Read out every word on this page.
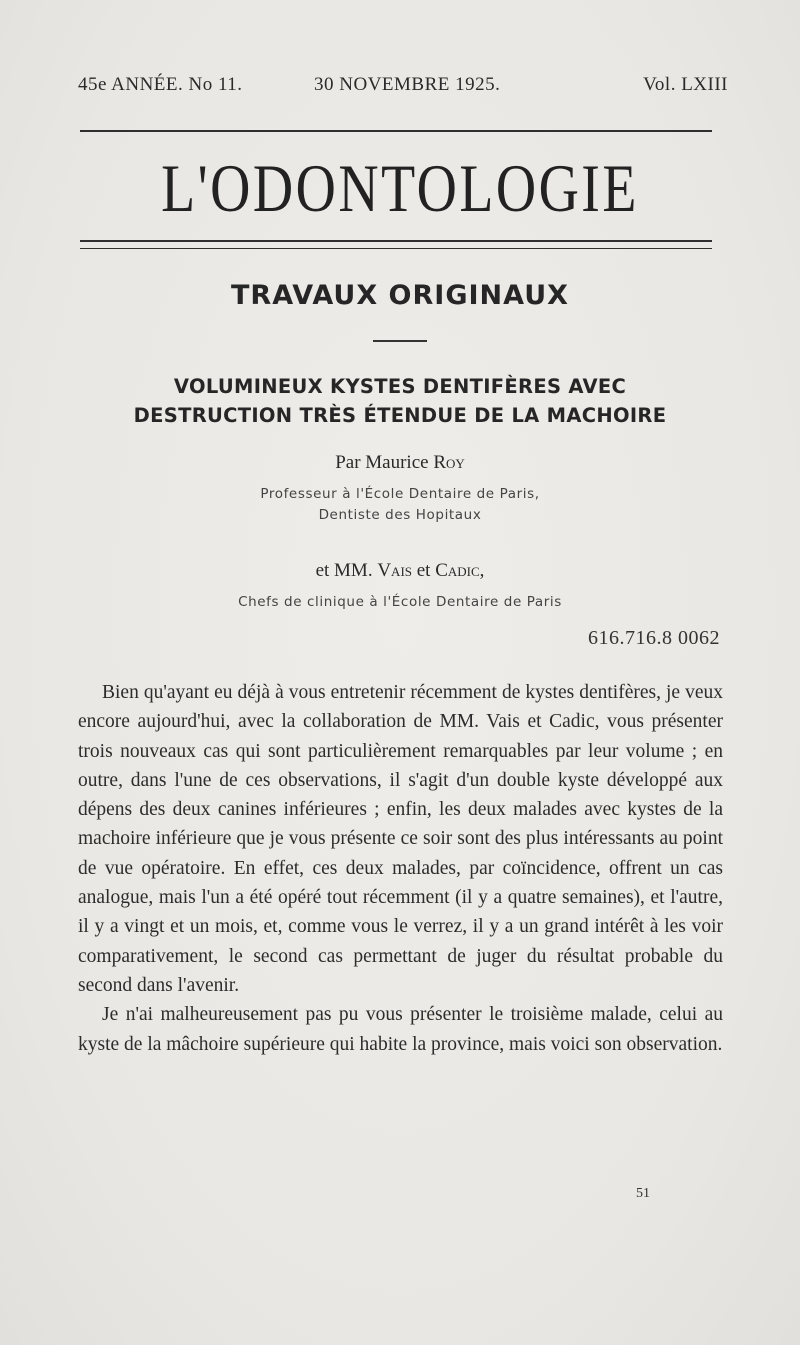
45e ANNÉE. No 11.	30 NOVEMBRE 1925.	Vol. LXIII
L'ODONTOLOGIE
TRAVAUX ORIGINAUX
VOLUMINEUX KYSTES DENTIFÈRES AVEC
DESTRUCTION TRÈS ÉTENDUE DE LA MACHOIRE
Par Maurice Roy
Professeur à l'École Dentaire de Paris,
Dentiste des Hopitaux
et MM. Vais et Cadic,
Chefs de clinique à l'École Dentaire de Paris
616.716.8 0062

Bien qu'ayant eu déjà à vous entretenir récemment de kystes dentifères, je veux encore aujourd'hui, avec la collaboration de MM. Vais et Cadic, vous présenter trois nouveaux cas qui sont particulièrement remarquables par leur volume ; en outre, dans l'une de ces observations, il s'agit d'un double kyste développé aux dépens des deux canines inférieures ; enfin, les deux malades avec kystes de la machoire inférieure que je vous présente ce soir sont des plus intéressants au point de vue opératoire. En effet, ces deux malades, par coïncidence, offrent un cas analogue, mais l'un a été opéré tout récemment (il y a quatre semaines), et l'autre, il y a vingt et un mois, et, comme vous le verrez, il y a un grand intérêt à les voir comparativement, le second cas permettant de juger du résultat probable du second dans l'avenir.

Je n'ai malheureusement pas pu vous présenter le troisième malade, celui au kyste de la mâchoire supérieure qui habite la province, mais voici son observation.

51
